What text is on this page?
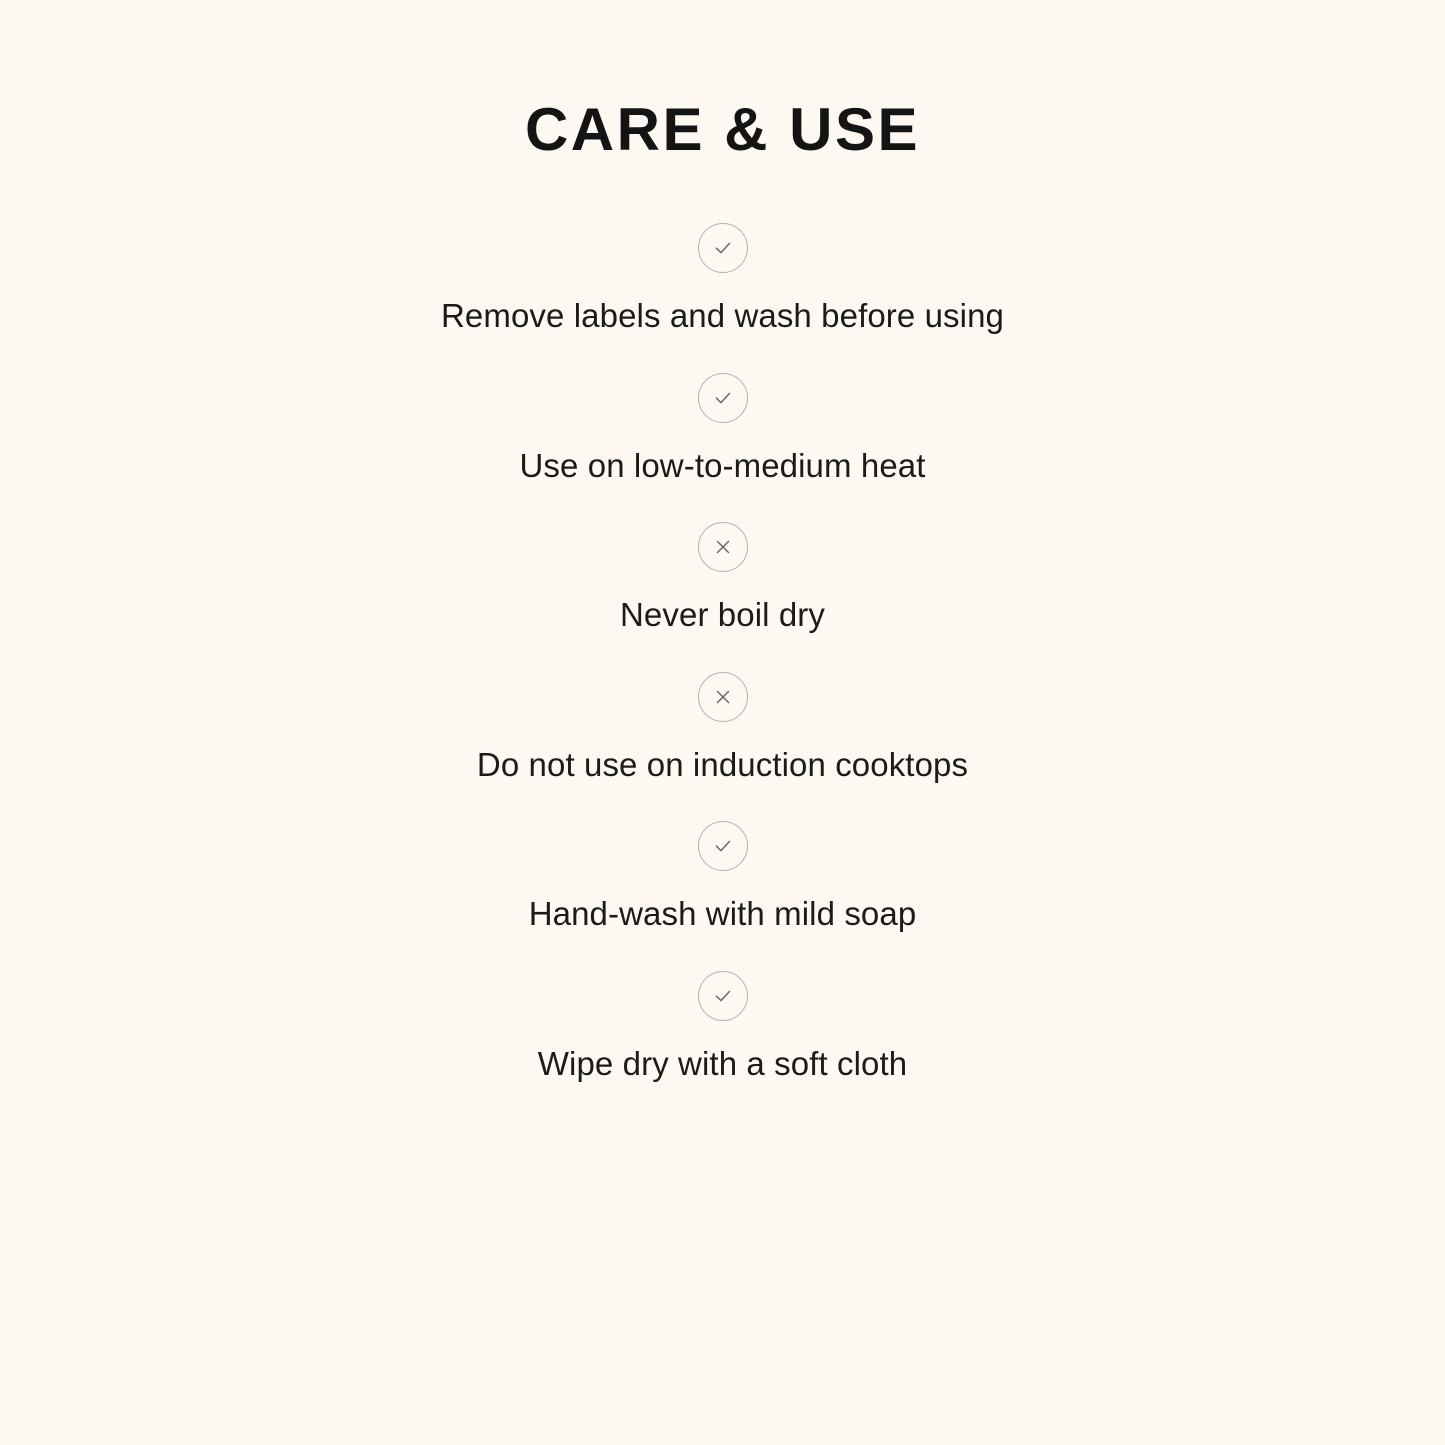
CARE & USE
Remove labels and wash before using
Use on low-to-medium heat
Never boil dry
Do not use on induction cooktops
Hand-wash with mild soap
Wipe dry with a soft cloth
